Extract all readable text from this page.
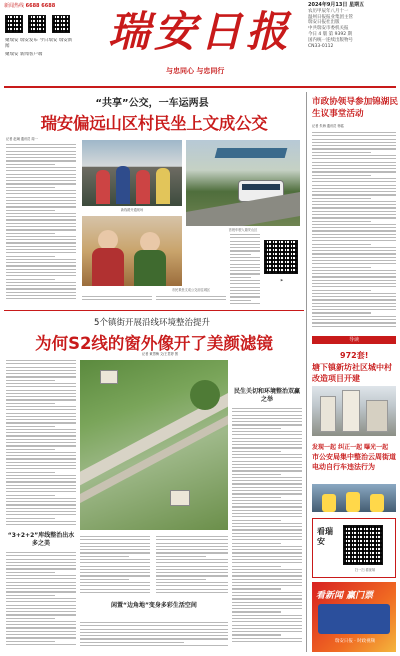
新闻热线 6688 6688
聚瑞安 瑞安发布 今日瑞安 瑞安新闻
聚瑞安 新闻客户端	瑞安日报
与忠同心 与忠同行
2024年9月13日 星期五
农历甲辰年八月十一
温州日报报业集团主管
瑞安日报社出版
中共瑞安市委机关报
今日 4 版 第 9392 期
国内统一连续出版物号
CN33-0112
“共享”公交，一车运两县
瑞安偏远山区村民坐上文成公交
记者 赵炯 通讯员 周一
新线路开通现场
首班车驶入瑞安山区
市民乘坐文成公交前往城区
▶
市政协领导参加锦湖民生议事堂活动
记者 朱海 通讯员 杨铭
导读
972套!
塘下镇新坊社区城中村改造项目开建
发现一起 纠正一起 曝光一起
市公安局集中整治云周街道电动自行车违法行为
看瑞安
扫一扫 看视频
看新闻 赢门票
瑞安日报 · 时政视频
5个镇街开展沿线环境整治提升
为何S2线的窗外像开了美颜滤镜
记者 黄思梅 文/王君婷 图
民生关切和环境整治双赢之举
“3+2+2”库线整治出水多之美
闲置“边角地”变身多彩生活空间
